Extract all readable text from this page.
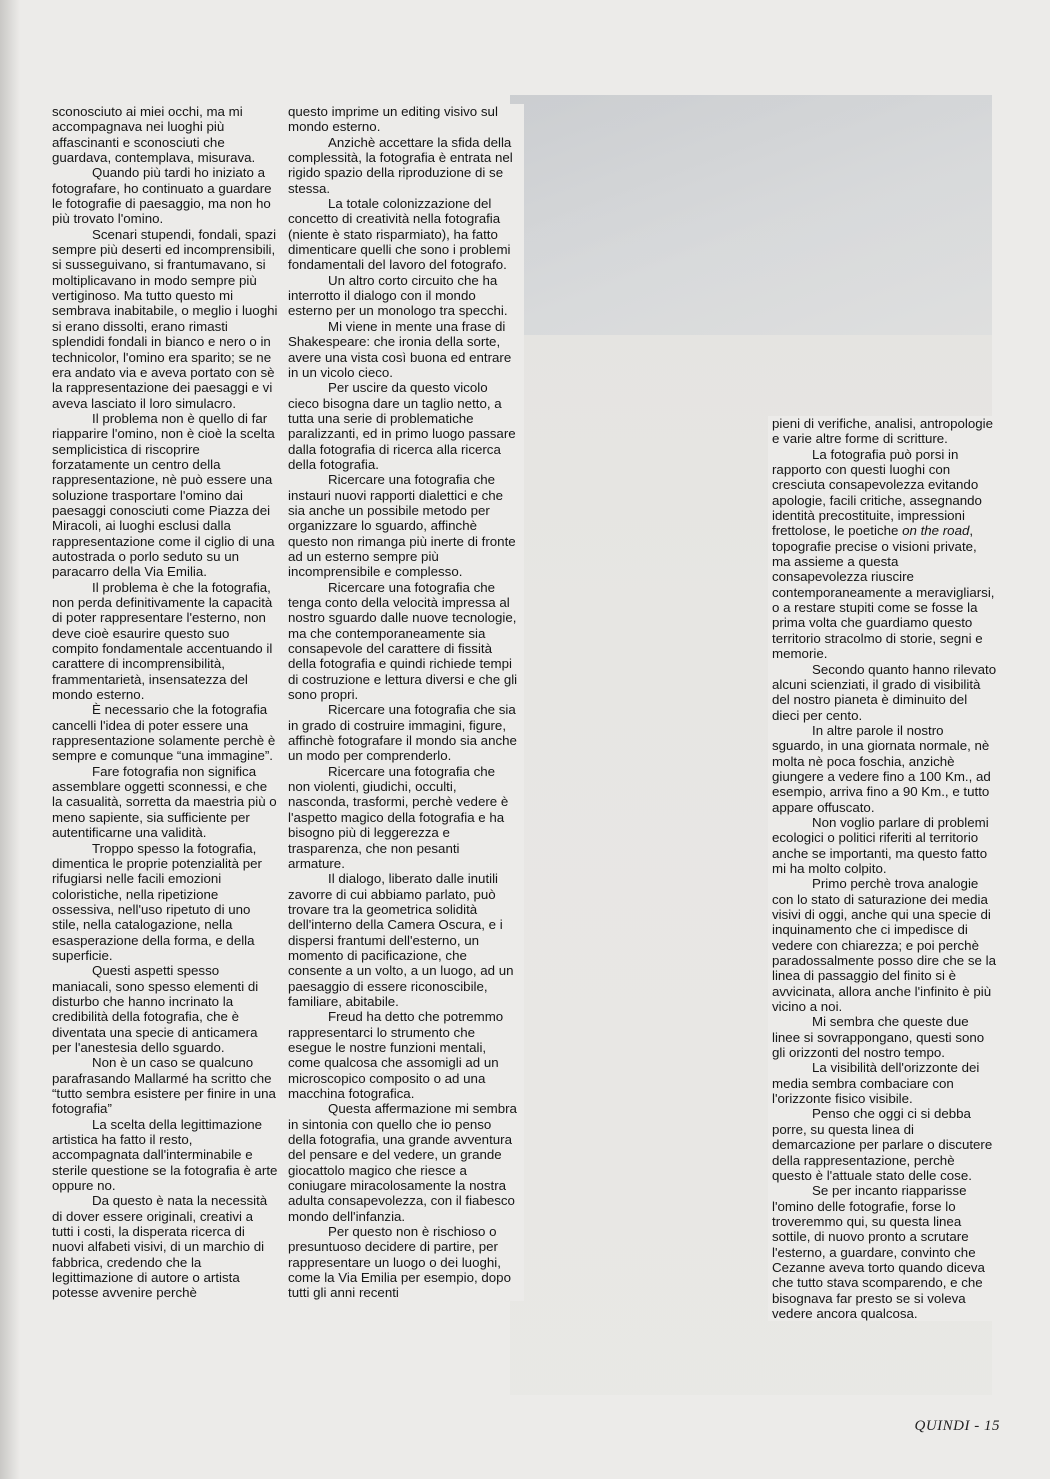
sconosciuto ai miei occhi, ma mi accompagnava nei luoghi più affascinanti e sconosciuti che guardava, contemplava, misurava.

Quando più tardi ho iniziato a fotografare, ho continuato a guardare le fotografie di paesaggio, ma non ho più trovato l'omino.

Scenari stupendi, fondali, spazi sempre più deserti ed incomprensibili, si susseguivano, si frantumavano, si moltiplicavano in modo sempre più vertiginoso. Ma tutto questo mi sembrava inabitabile, o meglio i luoghi si erano dissolti, erano rimasti splendidi fondali in bianco e nero o in technicolor, l'omino era sparito; se ne era andato via e aveva portato con sè la rappresentazione dei paesaggi e vi aveva lasciato il loro simulacro.

Il problema non è quello di far riapparire l'omino, non è cioè la scelta semplicistica di riscoprire forzatamente un centro della rappresentazione, nè può essere una soluzione trasportare l'omino dai paesaggi conosciuti come Piazza dei Miracoli, ai luoghi esclusi dalla rappresentazione come il ciglio di una autostrada o porlo seduto su un paracarro della Via Emilia.

Il problema è che la fotografia, non perda definitivamente la capacità di poter rappresentare l'esterno, non deve cioè esaurire questo suo compito fondamentale accentuando il carattere di incomprensibilità, frammentarietà, insensatezza del mondo esterno.

È necessario che la fotografia cancelli l'idea di poter essere una rappresentazione solamente perchè è sempre e comunque “una immagine”.

Fare fotografia non significa assemblare oggetti sconnessi, e che la casualità, sorretta da maestria più o meno sapiente, sia sufficiente per autentificarne una validità.

Troppo spesso la fotografia, dimentica le proprie potenzialità per rifugiarsi nelle facili emozioni coloristiche, nella ripetizione ossessiva, nell'uso ripetuto di uno stile, nella catalogazione, nella esasperazione della forma, e della superficie.

Questi aspetti spesso maniacali, sono spesso elementi di disturbo che hanno incrinato la credibilità della fotografia, che è diventata una specie di anticamera per l'anestesia dello sguardo.

Non è un caso se qualcuno parafrasando Mallarmé ha scritto che “tutto sembra esistere per finire in una fotografia”

La scelta della legittimazione artistica ha fatto il resto, accompagnata dall'interminabile e sterile questione se la fotografia è arte oppure no.

Da questo è nata la necessità di dover essere originali, creativi a tutti i costi, la disperata ricerca di nuovi alfabeti visivi, di un marchio di fabbrica, credendo che la legittimazione di autore o artista potesse avvenire perchè

questo imprime un editing visivo sul mondo esterno.

Anzichè accettare la sfida della complessità, la fotografia è entrata nel rigido spazio della riproduzione di se stessa.

La totale colonizzazione del concetto di creatività nella fotografia (niente è stato risparmiato), ha fatto dimenticare quelli che sono i problemi fondamentali del lavoro del fotografo.

Un altro corto circuito che ha interrotto il dialogo con il mondo esterno per un monologo tra specchi.

Mi viene in mente una frase di Shakespeare: che ironia della sorte, avere una vista così buona ed entrare in un vicolo cieco.

Per uscire da questo vicolo cieco bisogna dare un taglio netto, a tutta una serie di problematiche paralizzanti, ed in primo luogo passare dalla fotografia di ricerca alla ricerca della fotografia.

Ricercare una fotografia che instauri nuovi rapporti dialettici e che sia anche un possibile metodo per organizzare lo sguardo, affinchè questo non rimanga più inerte di fronte ad un esterno sempre più incomprensibile e complesso.

Ricercare una fotografia che tenga conto della velocità impressa al nostro sguardo dalle nuove tecnologie, ma che contemporaneamente sia consapevole del carattere di fissità della fotografia e quindi richiede tempi di costruzione e lettura diversi e che gli sono propri.

Ricercare una fotografia che sia in grado di costruire immagini, figure, affinchè fotografare il mondo sia anche un modo per comprenderlo.

Ricercare una fotografia che non violenti, giudichi, occulti, nasconda, trasformi, perchè vedere è l'aspetto magico della fotografia e ha bisogno più di leggerezza e trasparenza, che non pesanti armature.

Il dialogo, liberato dalle inutili zavorre di cui abbiamo parlato, può trovare tra la geometrica solidità dell'interno della Camera Oscura, e i dispersi frantumi dell'esterno, un momento di pacificazione, che consente a un volto, a un luogo, ad un paesaggio di essere riconoscibile, familiare, abitabile.

Freud ha detto che potremmo rappresentarci lo strumento che esegue le nostre funzioni mentali, come qualcosa che assomigli ad un microscopico composito o ad una macchina fotografica.

Questa affermazione mi sembra in sintonia con quello che io penso della fotografia, una grande avventura del pensare e del vedere, un grande giocattolo magico che riesce a coniugare miracolosamente la nostra adulta consapevolezza, con il fiabesco mondo dell'infanzia.

Per questo non è rischioso o presuntuoso decidere di partire, per rappresentare un luogo o dei luoghi, come la Via Emilia per esempio, dopo tutti gli anni recenti

pieni di verifiche, analisi, antropologie e varie altre forme di scritture.

La fotografia può porsi in rapporto con questi luoghi con cresciuta consapevolezza evitando apologie, facili critiche, assegnando identità precostituite, impressioni frettolose, le poetiche on the road, topografie precise o visioni private, ma assieme a questa consapevolezza riuscire contemporaneamente a meravigliarsi, o a restare stupiti come se fosse la prima volta che guardiamo questo territorio stracolmo di storie, segni e memorie.

Secondo quanto hanno rilevato alcuni scienziati, il grado di visibilità del nostro pianeta è diminuito del dieci per cento.

In altre parole il nostro sguardo, in una giornata normale, nè molta nè poca foschia, anzichè giungere a vedere fino a 100 Km., ad esempio, arriva fino a 90 Km., e tutto appare offuscato.

Non voglio parlare di problemi ecologici o politici riferiti al territorio anche se importanti, ma questo fatto mi ha molto colpito.

Primo perchè trova analogie con lo stato di saturazione dei media visivi di oggi, anche qui una specie di inquinamento che ci impedisce di vedere con chiarezza; e poi perchè paradossalmente posso dire che se la linea di passaggio del finito si è avvicinata, allora anche l'infinito è più vicino a noi.

Mi sembra che queste due linee si sovrappongano, questi sono gli orizzonti del nostro tempo.

La visibilità dell'orizzonte dei media sembra combaciare con l'orizzonte fisico visibile.

Penso che oggi ci si debba porre, su questa linea di demarcazione per parlare o discutere della rappresentazione, perchè questo è l'attuale stato delle cose.

Se per incanto riapparisse l'omino delle fotografie, forse lo troveremmo qui, su questa linea sottile, di nuovo pronto a scrutare l'esterno, a guardare, convinto che Cezanne aveva torto quando diceva che tutto stava scomparendo, e che bisognava far presto se si voleva vedere ancora qualcosa.

QUINDI - 15
